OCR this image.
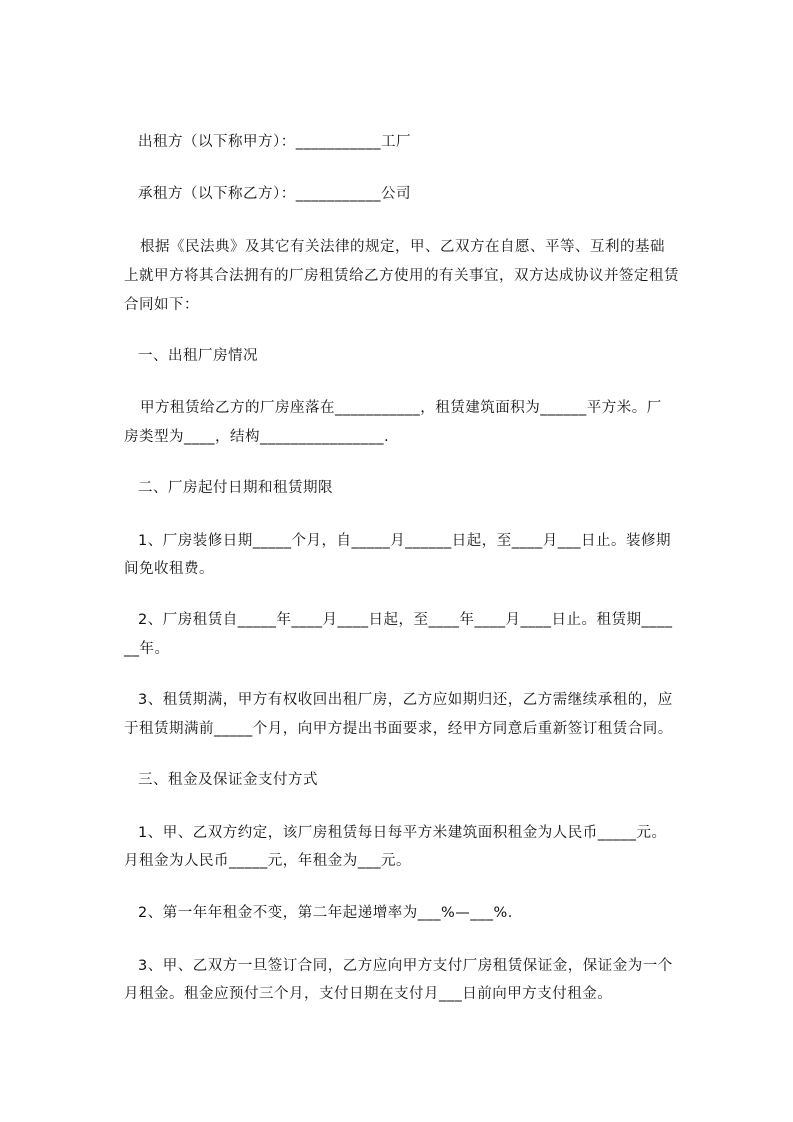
出租方（以下称甲方）：___________工厂
承租方（以下称乙方）：___________公司
根据《民法典》及其它有关法律的规定，甲、乙双方在自愿、平等、互利的基础
上就甲方将其合法拥有的厂房租赁给乙方使用的有关事宜，双方达成协议并签定租赁
合同如下：
一、出租厂房情况
甲方租赁给乙方的厂房座落在___________，租赁建筑面积为______平方米。厂
房类型为____，结构________________.
二、厂房起付日期和租赁期限
1、厂房装修日期_____个月，自_____月______日起，至____月___日止。装修期
间免收租费。
2、厂房租赁自_____年____月____日起，至____年____月____日止。租赁期____
__年。
3、租赁期满，甲方有权收回出租厂房，乙方应如期归还，乙方需继续承租的，应
于租赁期满前_____个月，向甲方提出书面要求，经甲方同意后重新签订租赁合同。
三、租金及保证金支付方式
1、甲、乙双方约定，该厂房租赁每日每平方米建筑面积租金为人民币_____元。
月租金为人民币_____元，年租金为___元。
2、第一年年租金不变，第二年起递增率为___%—___%.
3、甲、乙双方一旦签订合同，乙方应向甲方支付厂房租赁保证金，保证金为一个
月租金。租金应预付三个月，支付日期在支付月___日前向甲方支付租金。
